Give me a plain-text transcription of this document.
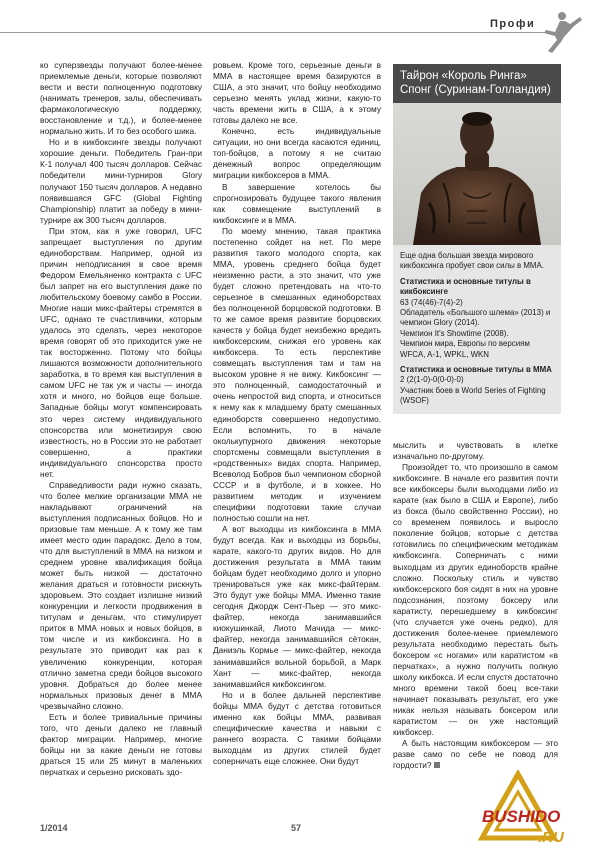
Профи

ко суперзвезды получают более-менее приемлемые деньги, которые позволяют вести и вести полноценную подготовку (нанимать тренеров, залы, обеспечивать фармакологическую поддержку, восстановление и т.д.), и более-менее нормально жить. И то без особого шика.

Но и в кикбоксинге звезды получают хорошие деньги. Победитель Гран-при К-1 получал 400 тысяч долларов. Сейчас победители мини-турниров Glory получают 150 тысяч долларов. А недавно появившаяся GFC (Global Fighting Championship) платит за победу в мини-турнире аж 300 тысяч долларов.

При этом, как я уже говорил, UFC запрещает выступления по другим единоборствам. Например, одной из причин неподписания в свое время Федором Емельяненко контракта с UFC был запрет на его выступления даже по любительскому боевому самбо в России. Многие наши микс-файтеры стремятся в UFC, однако те счастливчики, которым удалось это сделать, через некоторое время говорят об это приходится уже не так восторженно. Потому что бойцы лишаются возможности дополнительного заработка, в то время как выступления в самом UFC не так уж и часты — иногда хотя и много, но бойцов еще больше. Западные бойцы могут компенсировать это через систему индивидуального спонсорства или монетизируя свою известность, но в России это не работает совершенно, а практики индивидуального спонсорства просто нет.

Справедливости ради нужно сказать, что более мелкие организации ММА не накладывают ограничений на выступления подписанных бойцов. Но и призовые там меньше. А к тому же там имеет место один парадокс. Дело в том, что для выступлений в ММА на низком и среднем уровне квалификация бойца может быть низкой — достаточно желания драться и готовности рискнуть здоровьем. Это создает излишне низкий конкуренции и легкости продвижения в титулам и деньгам, что стимулирует приток в ММА новых и новых бойцов, в том числе и из кикбоксинга. Но в результате это приводит как раз к увеличению конкуренции, которая отлично заметна среди бойцов высокого уровня. Добраться до более менее нормальных призовых денег в ММА чрезвычайно сложно.

Есть и более тривиальные причины того, что деньги далеко не главный фактор миграции. Например, многие бойцы ни за какие деньги не готовы драться 15 или 25 минут в маленьких перчатках и серьезно рисковать здо-

ровьем. Кроме того, серьезные деньги в ММА в настоящее время базируются в США, а это значит, что бойцу необходимо серьезно менять уклад жизни, какую-то часть времени жить в США, а к этому готовы далеко не все.

Конечно, есть индивидуальные ситуации, но они всегда касаются единиц, топ-бойцов, а потому я не считаю денежный вопрос определяющим миграции кикбоксеров в ММА.

В завершение хотелось бы спрогнозировать будущее такого явления как совмещение выступлений в кикбоксинге и в ММА.

По моему мнению, такая практика постепенно сойдет на нет. По мере развития такого молодого спорта, как ММА, уровень среднего бойца будет неизменно расти, а это значит, что уже будет сложно претендовать на что-то серьезное в смешанных единоборствах без полноценной борцовской подготовки. В то же самое время развитие борцовских качеств у бойца будет неизбежно вредить кикбоксерским, снижая его уровень как кикбоксера. То есть перспективе совмещать выступления там и там на высоком уровне я не вижу. Кикбоксинг — это полноценный, самодостаточный и очень непростой вид спорта, и относиться к нему как к младшему брату смешанных единоборств совершенно недопустимо. Если вспомнить, то в начале околькупурного движения некоторые спортсмены совмещали выступления в «родственных» видах спорта. Например, Всеволод Бобров был чемпионом сборной СССР и в футболе, и в хоккее. Но развитием методик и изучением специфики подготовки такие случаи полностью сошли на нет.

А вот выходцы из кикбоксинга в ММА будут всегда. Как и выходцы из борьбы, карате, какого-то других видов. Но для достижения результата в ММА таким бойцам будет необходимо долго и упорно тренироваться уже как микс-файтерам. Это будут уже бойцы ММА. Именно такие сегодня Джордж Сент-Пьер — это микс-файтер, некогда занимавшийся киокушинкай, Лиото Мачида — микс-файтер, некогда занимавшийся сётокан, Даниэль Кормье — микс-файтер, некогда занимавшийся вольной борьбой, а Марк Хант — микс-файтер, некогда занимавшийся кикбоксингом.

Но и в более дальней перспективе бойцы ММА будут с детства готовиться именно как бойцы ММА, развивая специфические качества и навыки с раннего возраста. С такими бойцами выходцам из других стилей будет соперничать еще сложнее. Они будут

Тайрон «Король Ринга» Спонг (Суринам-Голландия)
Еще одна большая звезда мирового кикбоксинга пробует свои силы в ММА.
Статистика и основные титулы в кикбоксинге
63 (74(46)-7(4)-2)
Обладатель «Большого шлема» (2013) и чемпион Glory (2014).
Чемпион It's Showtime (2008).
Чемпион мира, Европы по версиям WFCA, A-1, WPKL, WKN
Статистика и основные титулы в ММА
2 (2(1-0)-0(0-0)-0)
Участник боев в World Series of Fighting (WSOF)

мыслить и чувствовать в клетке изначально по-другому.

Произойдет то, что произошло в самом кикбоксинге. В начале его развития почти все кикбоксеры были выходцами либо из карате (как было в США и Европе), либо из бокса (было свойственно России), но со временем появилось и выросло поколение бойцов, которые с детства готовились по специфическим методикам кикбоксинга. Соперничать с ними выходцам из других единоборств крайне сложно. Поскольку стиль и чувство кикбоксерского боя сидят в них на уровне подсознания, поэтому боксеру или каратисту, перешедшему в кикбоксинг (что случается уже очень редко), для достижения более-менее приемлемого результата необходимо перестать быть боксером «с ногами» или каратистом «в перчатках», а нужно получить полную школу кикбокса. И если спустя достаточно много времени такой боец все-таки начинает показывать результат, его уже никак нельзя называть боксером или каратистом — он уже настоящий кикбоксер.

А быть настоящим кикбоксером — это разве само по себе не повод для гордости?

1/2014	57
BUSHIDO
.RU
